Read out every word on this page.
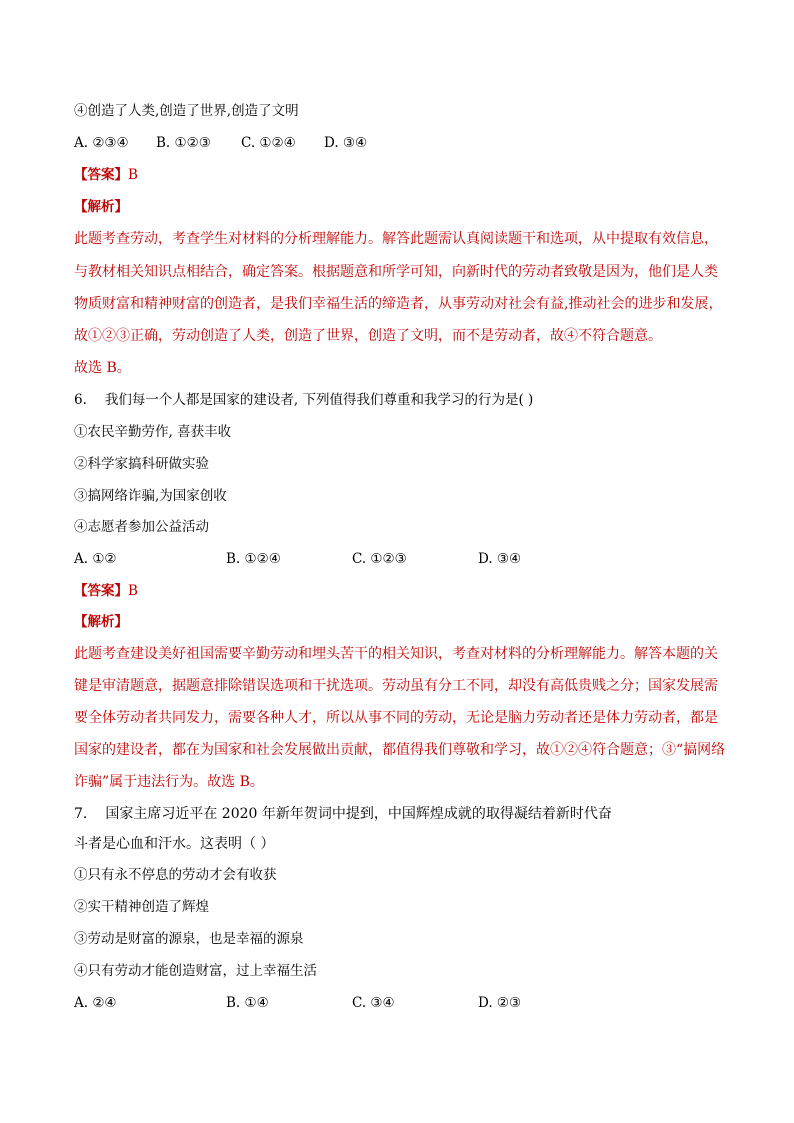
④创造了人类,创造了世界,创造了文明
A. ②③④ B. ①②③ C. ①②④ D. ③④
【答案】B
【解析】
此题考查劳动，考查学生对材料的分析理解能力。解答此题需认真阅读题干和选项，从中提取有效信息，
与教材相关知识点相结合，确定答案。根据题意和所学可知，向新时代的劳动者致敬是因为，他们是人类
物质财富和精神财富的创造者，是我们幸福生活的缔造者，从事劳动对社会有益,推动社会的进步和发展，
故①②③正确，劳动创造了人类，创造了世界，创造了文明，而不是劳动者，故④不符合题意。
故选 B。
6. 我们每一个人都是国家的建设者, 下列值得我们尊重和我学习的行为是( )
①农民辛勤劳作, 喜获丰收
②科学家搞科研做实验
③搞网络诈骗,为国家创收
④志愿者参加公益活动
A. ①②	B. ①②④	C. ①②③	D. ③④
【答案】B
【解析】
此题考查建设美好祖国需要辛勤劳动和埋头苦干的相关知识，考查对材料的分析理解能力。解答本题的关
键是审清题意，据题意排除错误选项和干扰选项。劳动虽有分工不同，却没有高低贵贱之分；国家发展需
要全体劳动者共同发力，需要各种人才，所以从事不同的劳动，无论是脑力劳动者还是体力劳动者，都是
国家的建设者，都在为国家和社会发展做出贡献，都值得我们尊敬和学习，故①②④符合题意；③“搞网络
诈骗”属于违法行为。故选 B。
7. 国家主席习近平在 2020 年新年贺词中提到，中国辉煌成就的取得凝结着新时代奋
斗者是心血和汗水。这表明（ ）
①只有永不停息的劳动才会有收获
②实干精神创造了辉煌
③劳动是财富的源泉，也是幸福的源泉
④只有劳动才能创造财富，过上幸福生活
A. ②④	B. ①④	C. ③④	D. ②③
